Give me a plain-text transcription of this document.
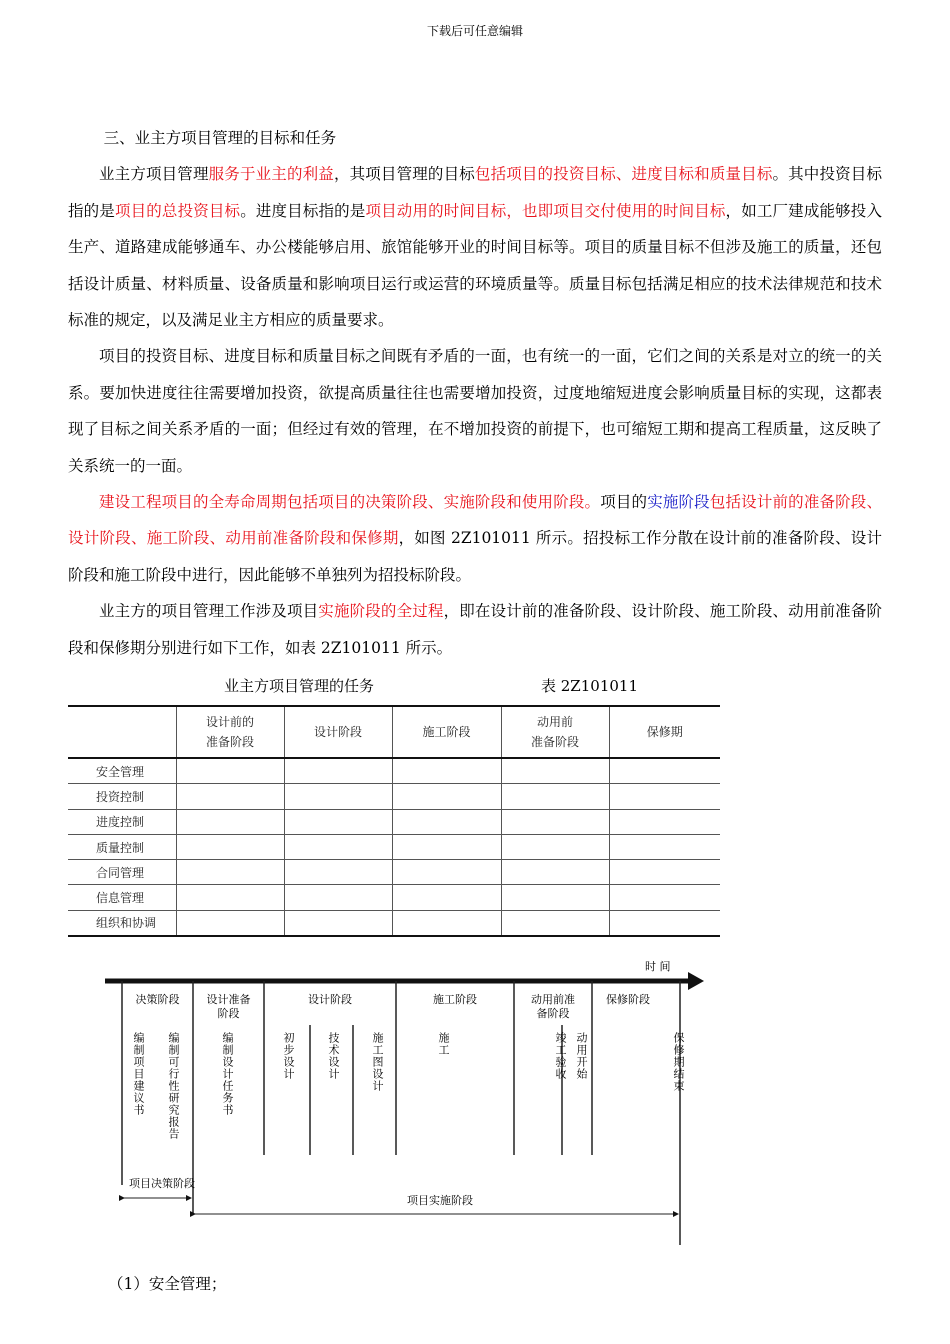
下载后可任意编辑

三、业主方项目管理的目标和任务

业主方项目管理服务于业主的利益，其项目管理的目标包括项目的投资目标、进度目标和质量目标。其中投资目标指的是项目的总投资目标。进度目标指的是项目动用的时间目标，也即项目交付使用的时间目标，如工厂建成能够投入生产、道路建成能够通车、办公楼能够启用、旅馆能够开业的时间目标等。项目的质量目标不但涉及施工的质量，还包括设计质量、材料质量、设备质量和影响项目运行或运营的环境质量等。质量目标包括满足相应的技术法律规范和技术标准的规定，以及满足业主方相应的质量要求。

项目的投资目标、进度目标和质量目标之间既有矛盾的一面，也有统一的一面，它们之间的关系是对立的统一的关系。要加快进度往往需要增加投资，欲提高质量往往也需要增加投资，过度地缩短进度会影响质量目标的实现，这都表现了目标之间关系矛盾的一面；但经过有效的管理，在不增加投资的前提下，也可缩短工期和提高工程质量，这反映了关系统一的一面。

建设工程项目的全寿命周期包括项目的决策阶段、实施阶段和使用阶段。项目的实施阶段包括设计前的准备阶段、设计阶段、施工阶段、动用前准备阶段和保修期，如图 2Z101011 所示。招投标工作分散在设计前的准备阶段、设计阶段和施工阶段中进行，因此能够不单独列为招投标阶段。

业主方的项目管理工作涉及项目实施阶段的全过程，即在设计前的准备阶段、设计阶段、施工阶段、动用前准备阶段和保修期分别进行如下工作，如表 2Z101011 所示。

业主方项目管理的任务	表 2Z101011
	设计前的
准备阶段	设计阶段	施工阶段	动用前
准备阶段	保修期
安全管理					
投资控制					
进度控制					
质量控制					
合同管理					
信息管理					
组织和协调					
时 间
决策阶段	设计准备
阶段
设计阶段	施工阶段	动用前准
备阶段
保修阶段
编制项目建议书 编制可行性研究报告	编制设计任务书	初步设计	技术设计	施工图设计	施工	竣工验收 动用开始	保修期结束
项目决策阶段
项目实施阶段
（1）安全管理；
